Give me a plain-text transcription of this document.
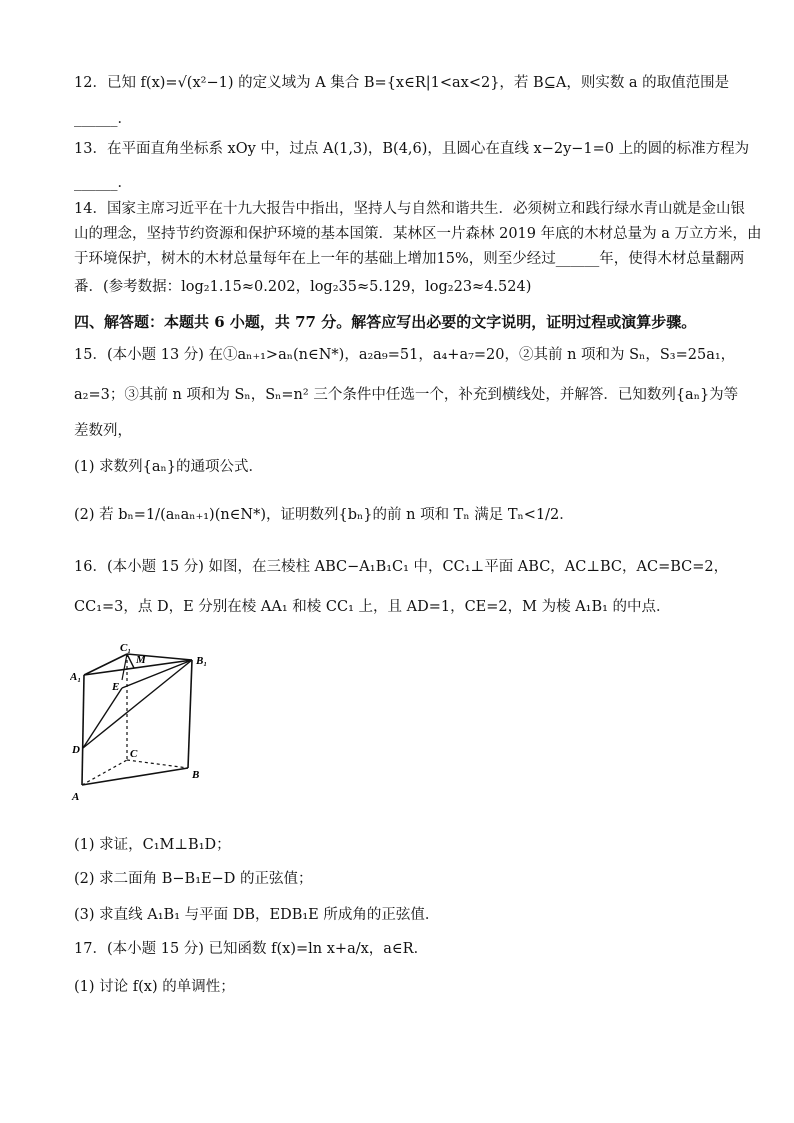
12．已知 f(x)=√(x²−1) 的定义域为 A 集合 B={x∈R|1<ax<2}，若 B⊆A，则实数 a 的取值范围是
______．
13．在平面直角坐标系 xOy 中，过点 A(1,3)，B(4,6)，且圆心在直线 x−2y−1=0 上的圆的标准方程为
______．
14．国家主席习近平在十九大报告中指出，坚持人与自然和谐共生．必须树立和践行绿水青山就是金山银
山的理念，坚持节约资源和保护环境的基本国策．某林区一片森林 2019 年底的木材总量为 a 万立方米，由
于环境保护，树木的木材总量每年在上一年的基础上增加15%，则至少经过______年，使得木材总量翻两
番．(参考数据：log₂1.15≈0.202，log₂35≈5.129，log₂23≈4.524)
四、解答题：本题共 6 小题，共 77 分。解答应写出必要的文字说明，证明过程或演算步骤。
15．(本小题 13 分) 在①aₙ₊₁>aₙ(n∈N*)，a₂a₉=51，a₄+a₇=20，②其前 n 项和为 Sₙ，S₃=25a₁，
a₂=3；③其前 n 项和为 Sₙ，Sₙ=n² 三个条件中任选一个，补充到横线处，并解答．已知数列{aₙ}为等
差数列，
(1) 求数列{aₙ}的通项公式．
(2) 若 bₙ=1/(aₙaₙ₊₁)(n∈N*)，证明数列{bₙ}的前 n 项和 Tₙ 满足 Tₙ<1/2．
16．(本小题 15 分) 如图，在三棱柱 ABC−A₁B₁C₁ 中，CC₁⊥平面 ABC，AC⊥BC，AC=BC=2，
CC₁=3，点 D，E 分别在棱 AA₁ 和棱 CC₁ 上，且 AD=1，CE=2，M 为棱 A₁B₁ 的中点．
C₁
M	B₁
A₁
E
D	C
A
B
(1) 求证，C₁M⊥B₁D；
(2) 求二面角 B−B₁E−D 的正弦值；
(3) 求直线 A₁B₁ 与平面 DB，EDB₁E 所成角的正弦值．
17．(本小题 15 分) 已知函数 f(x)=ln x+a/x，a∈R．
(1) 讨论 f(x) 的单调性；
